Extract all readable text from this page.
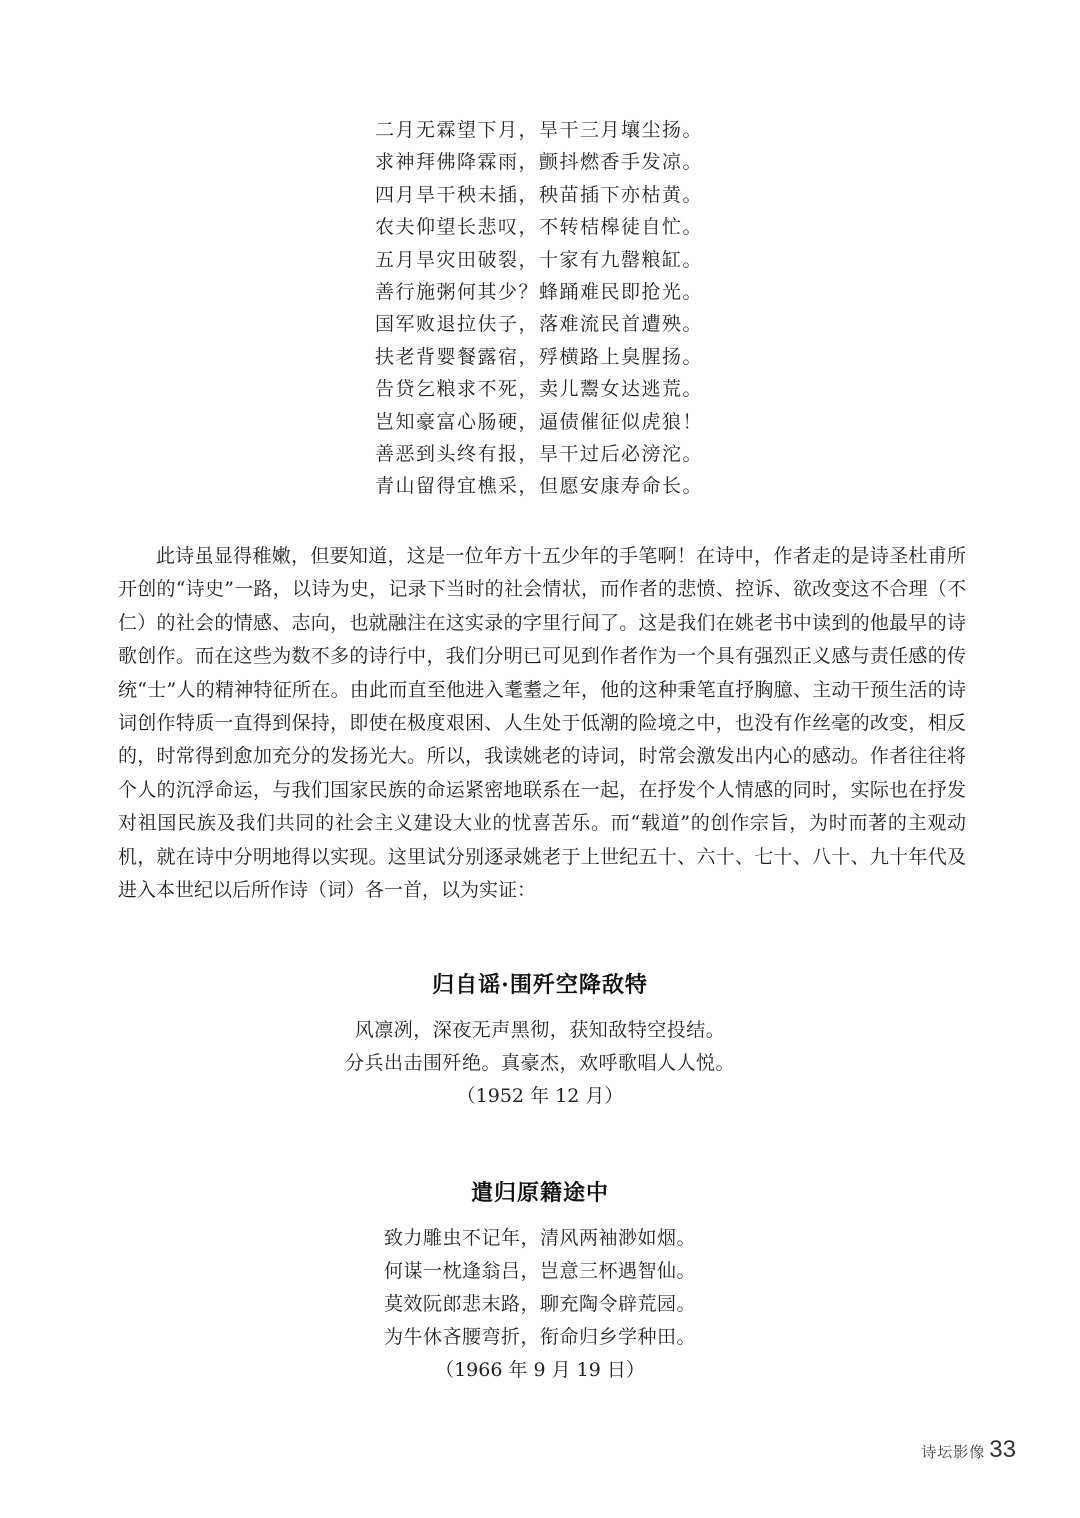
二月无霖望下月，旱干三月壤尘扬。
求神拜佛降霖雨，颤抖燃香手发凉。
四月旱干秧未插，秧苗插下亦枯黄。
农夫仰望长悲叹，不转桔槔徒自忙。
五月旱灾田破裂，十家有九罄粮缸。
善行施粥何其少？蜂踊难民即抢光。
国军败退拉伕子，落难流民首遭殃。
扶老背婴餐露宿，殍横路上臭腥扬。
告贷乞粮求不死，卖儿鬻女达逃荒。
岂知豪富心肠硬，逼债催征似虎狼！
善恶到头终有报，旱干过后必滂沱。
青山留得宜樵采，但愿安康寿命长。

此诗虽显得稚嫩，但要知道，这是一位年方十五少年的手笔啊！在诗中，作者走的是诗圣杜甫所开创的“诗史”一路，以诗为史，记录下当时的社会情状，而作者的悲愤、控诉、欲改变这不合理（不仁）的社会的情感、志向，也就融注在这实录的字里行间了。这是我们在姚老书中读到的他最早的诗歌创作。而在这些为数不多的诗行中，我们分明已可见到作者作为一个具有强烈正义感与责任感的传统“士”人的精神特征所在。由此而直至他进入耄耋之年，他的这种秉笔直抒胸臆、主动干预生活的诗词创作特质一直得到保持，即使在极度艰困、人生处于低潮的险境之中，也没有作丝毫的改变，相反的，时常得到愈加充分的发扬光大。所以，我读姚老的诗词，时常会激发出内心的感动。作者往往将个人的沉浮命运，与我们国家民族的命运紧密地联系在一起，在抒发个人情感的同时，实际也在抒发对祖国民族及我们共同的社会主义建设大业的忧喜苦乐。而“载道”的创作宗旨，为时而著的主观动机，就在诗中分明地得以实现。这里试分别逐录姚老于上世纪五十、六十、七十、八十、九十年代及进入本世纪以后所作诗（词）各一首，以为实证：

归自谣·围歼空降敌特
风凛冽，深夜无声黑彻，获知敌特空投结。
分兵出击围歼绝。真豪杰，欢呼歌唱人人悦。
（1952 年 12 月）
遣归原籍途中
致力雕虫不记年，清风两袖渺如烟。
何谋一枕逢翁吕，岂意三杯遇智仙。
莫效阮郎悲末路，聊充陶令辟荒园。
为牛休吝腰弯折，衔命归乡学种田。
（1966 年 9 月 19 日）
诗坛影像 33
